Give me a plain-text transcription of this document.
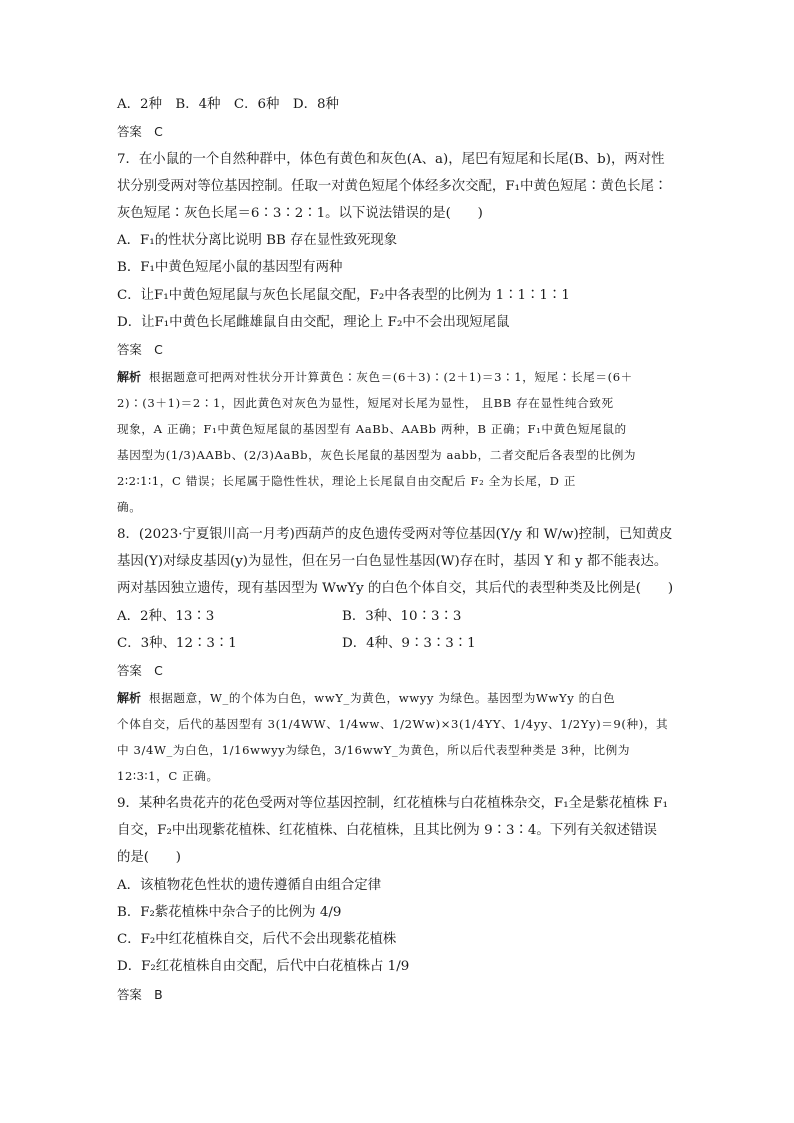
A．2种　B．4种　C．6种　D．8种
答案　C
7．在小鼠的一个自然种群中，体色有黄色和灰色(A、a)，尾巴有短尾和长尾(B、b)，两对性
状分别受两对等位基因控制。任取一对黄色短尾个体经多次交配，F₁中黄色短尾∶黄色长尾∶
灰色短尾∶灰色长尾＝6∶3∶2∶1。以下说法错误的是(　　)
A．F₁的性状分离比说明 BB 存在显性致死现象
B．F₁中黄色短尾小鼠的基因型有两种
C．让F₁中黄色短尾鼠与灰色长尾鼠交配，F₂中各表型的比例为 1∶1∶1∶1
D．让F₁中黄色长尾雌雄鼠自由交配，理论上 F₂中不会出现短尾鼠
答案　C
解析 根据题意可把两对性状分开计算黄色∶灰色＝(6＋3)∶(2＋1)＝3∶1，短尾∶长尾＝(6＋
2)∶(3＋1)＝2∶1，因此黄色对灰色为显性，短尾对长尾为显性， 且BB 存在显性纯合致死
现象，A 正确；F₁中黄色短尾鼠的基因型有 AaBb、AABb 两种，B 正确；F₁中黄色短尾鼠的
基因型为(1/3)AABb、(2/3)AaBb，灰色长尾鼠的基因型为 aabb，二者交配后各表型的比例为
2∶2∶1∶1，C 错误；长尾属于隐性性状，理论上长尾鼠自由交配后 F₂ 全为长尾，D 正
确。
8．(2023·宁夏银川高一月考)西葫芦的皮色遗传受两对等位基因(Y/y 和 W/w)控制，已知黄皮
基因(Y)对绿皮基因(y)为显性，但在另一白色显性基因(W)存在时，基因 Y 和 y 都不能表达。
两对基因独立遗传，现有基因型为 WwYy 的白色个体自交，其后代的表型种类及比例是(　　)
A．2种、13∶3	B．3种、10∶3∶3
C．3种、12∶3∶1	D．4种、9∶3∶3∶1
答案　C
解析 根据题意，W_的个体为白色，wwY_为黄色，wwyy 为绿色。基因型为WwYy 的白色
个体自交，后代的基因型有 3(1/4WW、1/4ww、1/2Ww)×3(1/4YY、1/4yy、1/2Yy)＝9(种)，其
中 3/4W_为白色，1/16wwyy为绿色，3/16wwY_为黄色，所以后代表型种类是 3种，比例为
12∶3∶1，C 正确。
9．某种名贵花卉的花色受两对等位基因控制，红花植株与白花植株杂交，F₁全是紫花植株 F₁
自交，F₂中出现紫花植株、红花植株、白花植株，且其比例为 9∶3∶4。下列有关叙述错误
的是(　　)
A．该植物花色性状的遗传遵循自由组合定律
B．F₂紫花植株中杂合子的比例为 4/9
C．F₂中红花植株自交，后代不会出现紫花植株
D．F₂红花植株自由交配，后代中白花植株占 1/9
答案　B
